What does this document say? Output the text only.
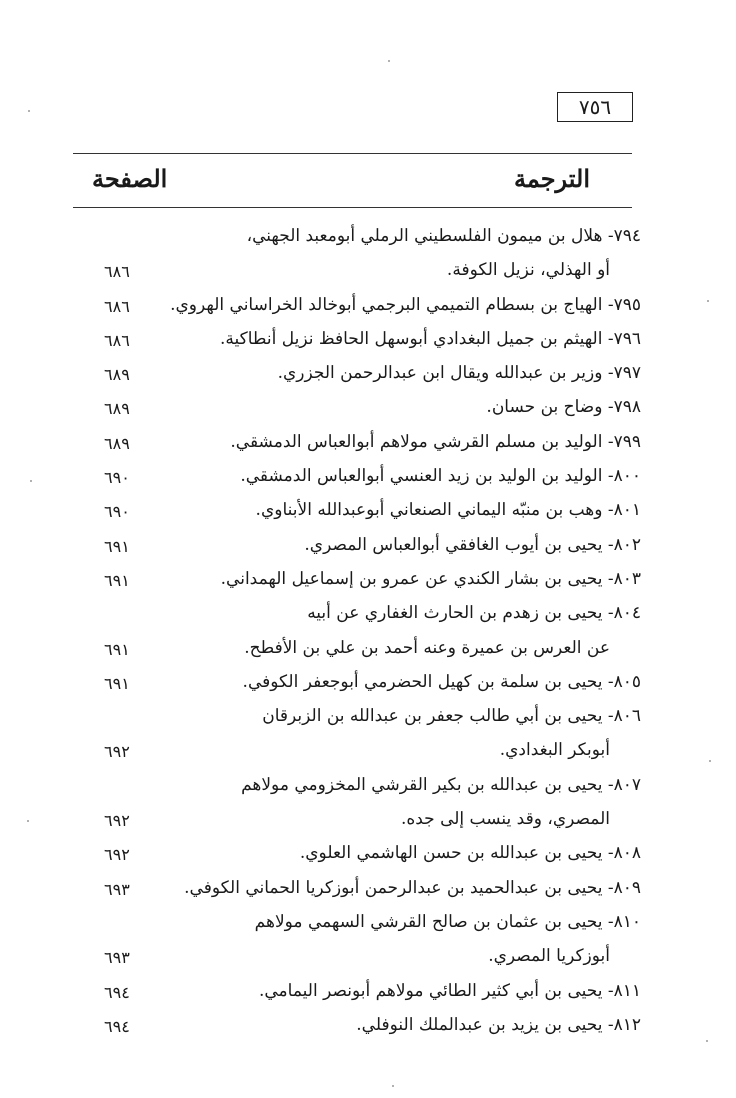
٧٥٦
الترجمة
الصفحة
٧٩٤- هلال بن ميمون الفلسطيني الرملي أبومعبد الجهني،
أو الهذلي، نزيل الكوفة.
٦٨٦
٧٩٥- الهياج بن بسطام التميمي البرجمي أبوخالد الخراساني الهروي.
٦٨٦
٧٩٦- الهيثم بن جميل البغدادي أبوسهل الحافظ نزيل أنطاكية.
٦٨٦
٧٩٧- وزير بن عبدالله ويقال ابن عبدالرحمن الجزري.
٦٨٩
٧٩٨- وضاح بن حسان.
٦٨٩
٧٩٩- الوليد بن مسلم القرشي مولاهم أبوالعباس الدمشقي.
٦٨٩
٨٠٠- الوليد بن الوليد بن زيد العنسي أبوالعباس الدمشقي.
٦٩٠
٨٠١- وهب بن منبّه اليماني الصنعاني أبوعبدالله الأبناوي.
٦٩٠
٨٠٢- يحيى بن أيوب الغافقي أبوالعباس المصري.
٦٩١
٨٠٣- يحيى بن بشار الكندي عن عمرو بن إسماعيل الهمداني.
٦٩١
٨٠٤- يحيى بن زهدم بن الحارث الغفاري عن أبيه
عن العرس بن عميرة وعنه أحمد بن علي بن الأفطح.
٦٩١
٨٠٥- يحيى بن سلمة بن كهيل الحضرمي أبوجعفر الكوفي.
٦٩١
٨٠٦- يحيى بن أبي طالب جعفر بن عبدالله بن الزبرقان
أبوبكر البغدادي.
٦٩٢
٨٠٧- يحيى بن عبدالله بن بكير القرشي المخزومي مولاهم
المصري، وقد ينسب إلى جده.
٦٩٢
٨٠٨- يحيى بن عبدالله بن حسن الهاشمي العلوي.
٦٩٢
٨٠٩- يحيى بن عبدالحميد بن عبدالرحمن أبوزكريا الحماني الكوفي.
٦٩٣
٨١٠- يحيى بن عثمان بن صالح القرشي السهمي مولاهم
أبوزكريا المصري.
٦٩٣
٨١١- يحيى بن أبي كثير الطائي مولاهم أبونصر اليمامي.
٦٩٤
٨١٢- يحيى بن يزيد بن عبدالملك النوفلي.
٦٩٤
